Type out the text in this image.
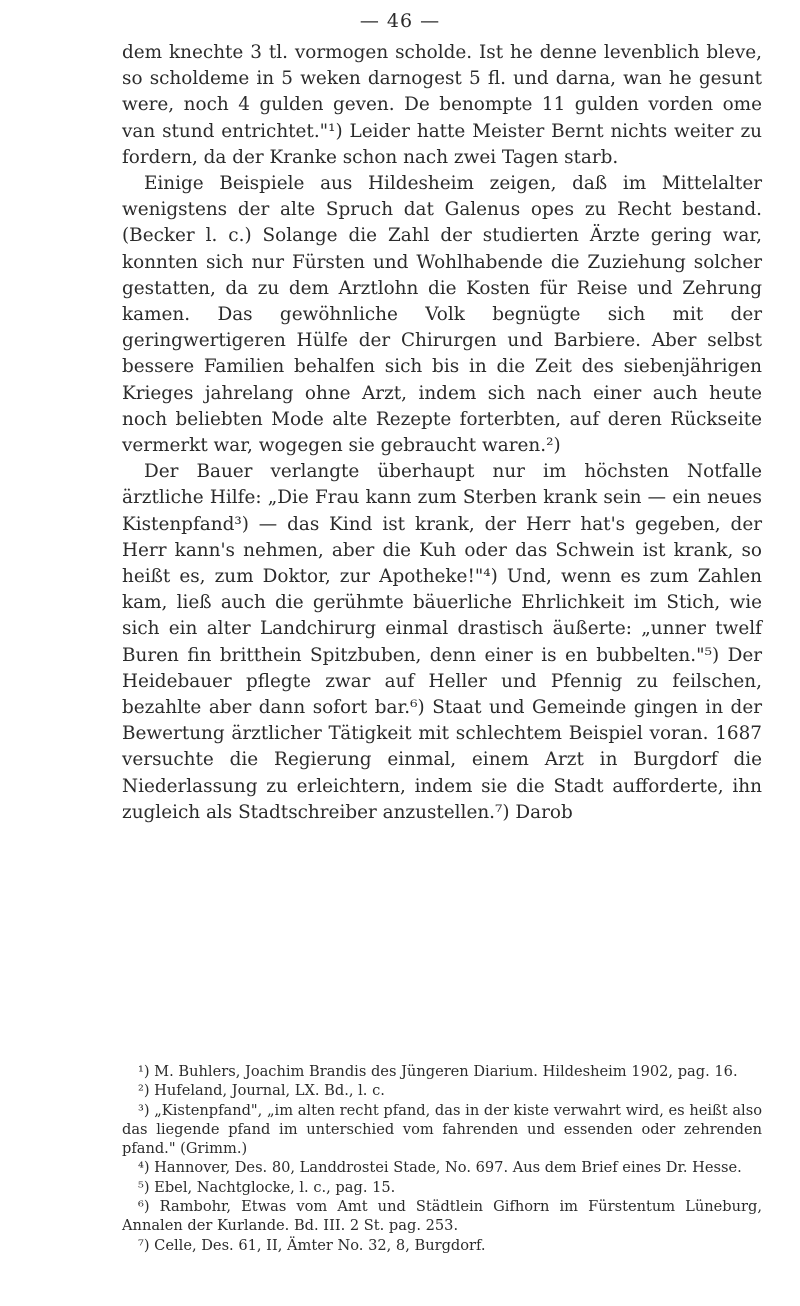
— 46 —

dem knechte 3 tl. vormogen scholde. Ist he denne levenblich bleve, so scholdeme in 5 weken darnogest 5 fl. und darna, wan he gesunt were, noch 4 gulden geven. De benompte 11 gulden vorden ome van stund entrichtet."¹) Leider hatte Meister Bernt nichts weiter zu fordern, da der Kranke schon nach zwei Tagen starb.

Einige Beispiele aus Hildesheim zeigen, daß im Mittelalter wenigstens der alte Spruch dat Galenus opes zu Recht bestand. (Becker l. c.) Solange die Zahl der studierten Ärzte gering war, konnten sich nur Fürsten und Wohlhabende die Zuziehung solcher gestatten, da zu dem Arztlohn die Kosten für Reise und Zehrung kamen. Das gewöhnliche Volk begnügte sich mit der geringwertigeren Hülfe der Chirurgen und Barbiere. Aber selbst bessere Familien behalfen sich bis in die Zeit des siebenjährigen Krieges jahrelang ohne Arzt, indem sich nach einer auch heute noch beliebten Mode alte Rezepte forterbten, auf deren Rückseite vermerkt war, wogegen sie gebraucht waren.²)

Der Bauer verlangte überhaupt nur im höchsten Notfalle ärztliche Hilfe: „Die Frau kann zum Sterben krank sein — ein neues Kistenpfand³) — das Kind ist krank, der Herr hat's gegeben, der Herr kann's nehmen, aber die Kuh oder das Schwein ist krank, so heißt es, zum Doktor, zur Apotheke!"⁴) Und, wenn es zum Zahlen kam, ließ auch die gerühmte bäuerliche Ehrlichkeit im Stich, wie sich ein alter Landchirurg einmal drastisch äußerte: „unner twelf Buren fin britthein Spitzbuben, denn einer is en bubbelten."⁵) Der Heidebauer pflegte zwar auf Heller und Pfennig zu feilschen, bezahlte aber dann sofort bar.⁶) Staat und Gemeinde gingen in der Bewertung ärztlicher Tätigkeit mit schlechtem Beispiel voran. 1687 versuchte die Regierung einmal, einem Arzt in Burgdorf die Niederlassung zu erleichtern, indem sie die Stadt aufforderte, ihn zugleich als Stadtschreiber anzustellen.⁷) Darob

¹) M. Buhlers, Joachim Brandis des Jüngeren Diarium. Hildesheim 1902, pag. 16.

²) Hufeland, Journal, LX. Bd., l. c.

³) „Kistenpfand", „im alten recht pfand, das in der kiste verwahrt wird, es heißt also das liegende pfand im unterschied vom fahrenden und essenden oder zehrenden pfand." (Grimm.)

⁴) Hannover, Des. 80, Landdrostei Stade, No. 697. Aus dem Brief eines Dr. Hesse.

⁵) Ebel, Nachtglocke, l. c., pag. 15.

⁶) Rambohr, Etwas vom Amt und Städtlein Gifhorn im Fürstentum Lüneburg, Annalen der Kurlande. Bd. III. 2 St. pag. 253.

⁷) Celle, Des. 61, II, Ämter No. 32, 8, Burgdorf.
